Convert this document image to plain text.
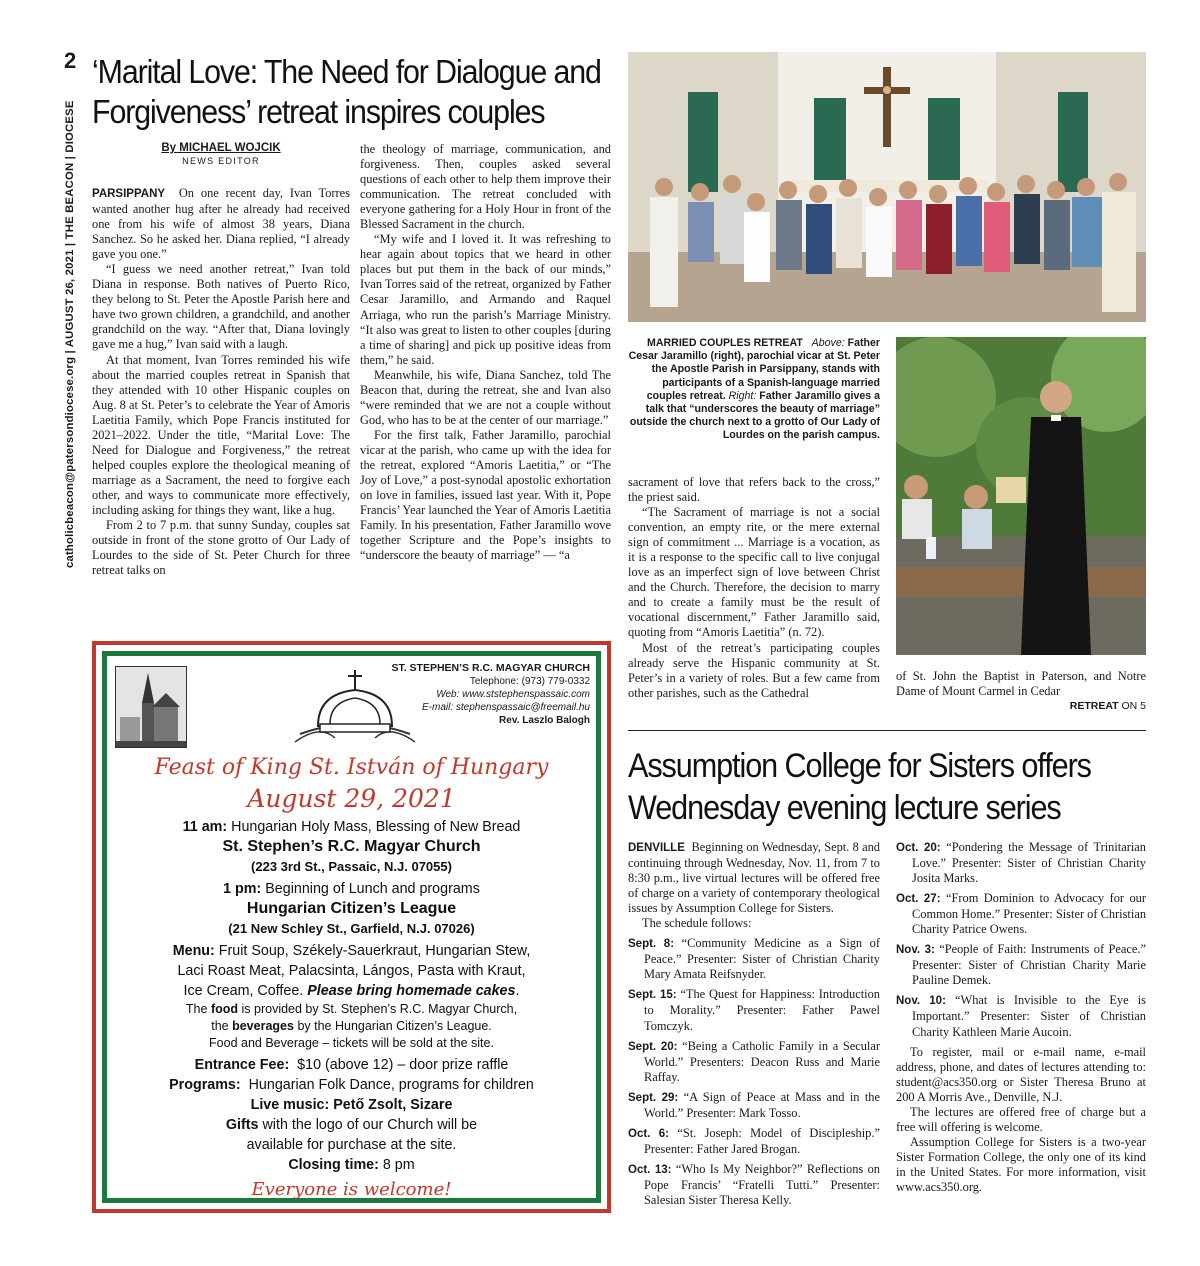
2
catholicbeacon@patersondiocese.org | AUGUST 26, 2021 | THE BEACON | DIOCESE
‘Marital Love: The Need for Dialogue and
Forgiveness’ retreat inspires couples
By MICHAEL WOJCIK
NEWS EDITOR

PARSIPPANY On one recent day, Ivan Torres wanted another hug after he already had received one from his wife of almost 38 years, Diana Sanchez. So he asked her. Diana replied, “I already gave you one.”

“I guess we need another retreat,” Ivan told Diana in response. Both natives of Puerto Rico, they belong to St. Peter the Apostle Parish here and have two grown children, a grandchild, and another grandchild on the way. “After that, Diana lovingly gave me a hug,” Ivan said with a laugh.

At that moment, Ivan Torres reminded his wife about the married couples retreat in Spanish that they attended with 10 other Hispanic couples on Aug. 8 at St. Peter’s to celebrate the Year of Amoris Laetitia Family, which Pope Francis instituted for 2021–2022. Under the title, “Marital Love: The Need for Dialogue and Forgiveness,” the retreat helped couples explore the theological meaning of marriage as a Sacrament, the need to forgive each other, and ways to communicate more effectively, including asking for things they want, like a hug.

From 2 to 7 p.m. that sunny Sunday, couples sat outside in front of the stone grotto of Our Lady of Lourdes to the side of St. Peter Church for three retreat talks on

the theology of marriage, communication, and forgiveness. Then, couples asked several questions of each other to help them improve their communication. The retreat concluded with everyone gathering for a Holy Hour in front of the Blessed Sacrament in the church.

“My wife and I loved it. It was refreshing to hear again about topics that we heard in other places but put them in the back of our minds,” Ivan Torres said of the retreat, organized by Father Cesar Jaramillo, and Armando and Raquel Arriaga, who run the parish’s Marriage Ministry. “It also was great to listen to other couples [during a time of sharing] and pick up positive ideas from them,” he said.

Meanwhile, his wife, Diana Sanchez, told The Beacon that, during the retreat, she and Ivan also “were reminded that we are not a couple without God, who has to be at the center of our marriage.”

For the first talk, Father Jaramillo, parochial vicar at the parish, who came up with the idea for the retreat, explored “Amoris Laetitia,” or “The Joy of Love,” a post-synodal apostolic exhortation on love in families, issued last year. With it, Pope Francis’ Year launched the Year of Amoris Laetitia Family. In his presentation, Father Jaramillo wove together Scripture and the Pope’s insights to “underscore the beauty of marriage” — “a

MARRIED COUPLES RETREAT Above: Father Cesar Jaramillo (right), parochial vicar at St. Peter the Apostle Parish in Parsippany, stands with participants of a Spanish-language married couples retreat. Right: Father Jaramillo gives a talk that “underscores the beauty of marriage” outside the church next to a grotto of Our Lady of Lourdes on the parish campus.

sacrament of love that refers back to the cross,” the priest said.

“The Sacrament of marriage is not a social convention, an empty rite, or the mere external sign of commitment ... Marriage is a vocation, as it is a response to the specific call to live conjugal love as an imperfect sign of love between Christ and the Church. Therefore, the decision to marry and to create a family must be the result of vocational discernment,” Father Jaramillo said, quoting from “Amoris Laetitia” (n. 72).

Most of the retreat’s participating couples already serve the Hispanic community at St. Peter’s in a variety of roles. But a few came from other parishes, such as the Cathedral

of St. John the Baptist in Paterson, and Notre Dame of Mount Carmel in Cedar

RETREAT ON 5
ST. STEPHEN’S R.C. MAGYAR CHURCH
Telephone: (973) 779-0332
Web: www.ststephenspassaic.com
E-mail: stephenspassaic@freemail.hu
Rev. Laszlo Balogh
Feast of King St. István of Hungary
August 29, 2021
11 am: Hungarian Holy Mass, Blessing of New Bread
St. Stephen’s R.C. Magyar Church
(223 3rd St., Passaic, N.J. 07055)
1 pm: Beginning of Lunch and programs
Hungarian Citizen’s League
(21 New Schley St., Garfield, N.J. 07026)
Menu: Fruit Soup, Székely-Sauerkraut, Hungarian Stew,
Laci Roast Meat, Palacsinta, Lángos, Pasta with Kraut,
Ice Cream, Coffee. Please bring homemade cakes.
The food is provided by St. Stephen’s R.C. Magyar Church,
the beverages by the Hungarian Citizen’s League.
Food and Beverage – tickets will be sold at the site.
Entrance Fee: $10 (above 12) – door prize raffle
Programs: Hungarian Folk Dance, programs for children
Live music: Pető Zsolt, Sizare
Gifts with the logo of our Church will be
available for purchase at the site.
Closing time: 8 pm
Everyone is welcome!
Assumption College for Sisters offers
Wednesday evening lecture series

DENVILLE Beginning on Wednesday, Sept. 8 and continuing through Wednesday, Nov. 11, from 7 to 8:30 p.m., live virtual lectures will be offered free of charge on a variety of contemporary theological issues by Assumption College for Sisters.

The schedule follows:

Sept. 8: “Community Medicine as a Sign of Peace.” Presenter: Sister of Christian Charity Mary Amata Reifsnyder.

Sept. 15: “The Quest for Happiness: Introduction to Morality.” Presenter: Father Pawel Tomczyk.

Sept. 20: “Being a Catholic Family in a Secular World.” Presenters: Deacon Russ and Marie Raffay.

Sept. 29: “A Sign of Peace at Mass and in the World.” Presenter: Mark Tosso.

Oct. 6: “St. Joseph: Model of Discipleship.” Presenter: Father Jared Brogan.

Oct. 13: “Who Is My Neighbor?” Reflections on Pope Francis’ “Fratelli Tutti.” Presenter: Salesian Sister Theresa Kelly.

Oct. 20: “Pondering the Message of Trinitarian Love.” Presenter: Sister of Christian Charity Josita Marks.

Oct. 27: “From Dominion to Advocacy for our Common Home.” Presenter: Sister of Christian Charity Patrice Owens.

Nov. 3: “People of Faith: Instruments of Peace.” Presenter: Sister of Christian Charity Marie Pauline Demek.

Nov. 10: “What is Invisible to the Eye is Important.” Presenter: Sister of Christian Charity Kathleen Marie Aucoin.

To register, mail or e-mail name, e-mail address, phone, and dates of lectures attending to: student@acs350.org or Sister Theresa Bruno at 200 A Morris Ave., Denville, N.J.

The lectures are offered free of charge but a free will offering is welcome.

Assumption College for Sisters is a two-year Sister Formation College, the only one of its kind in the United States. For more information, visit www.acs350.org.
